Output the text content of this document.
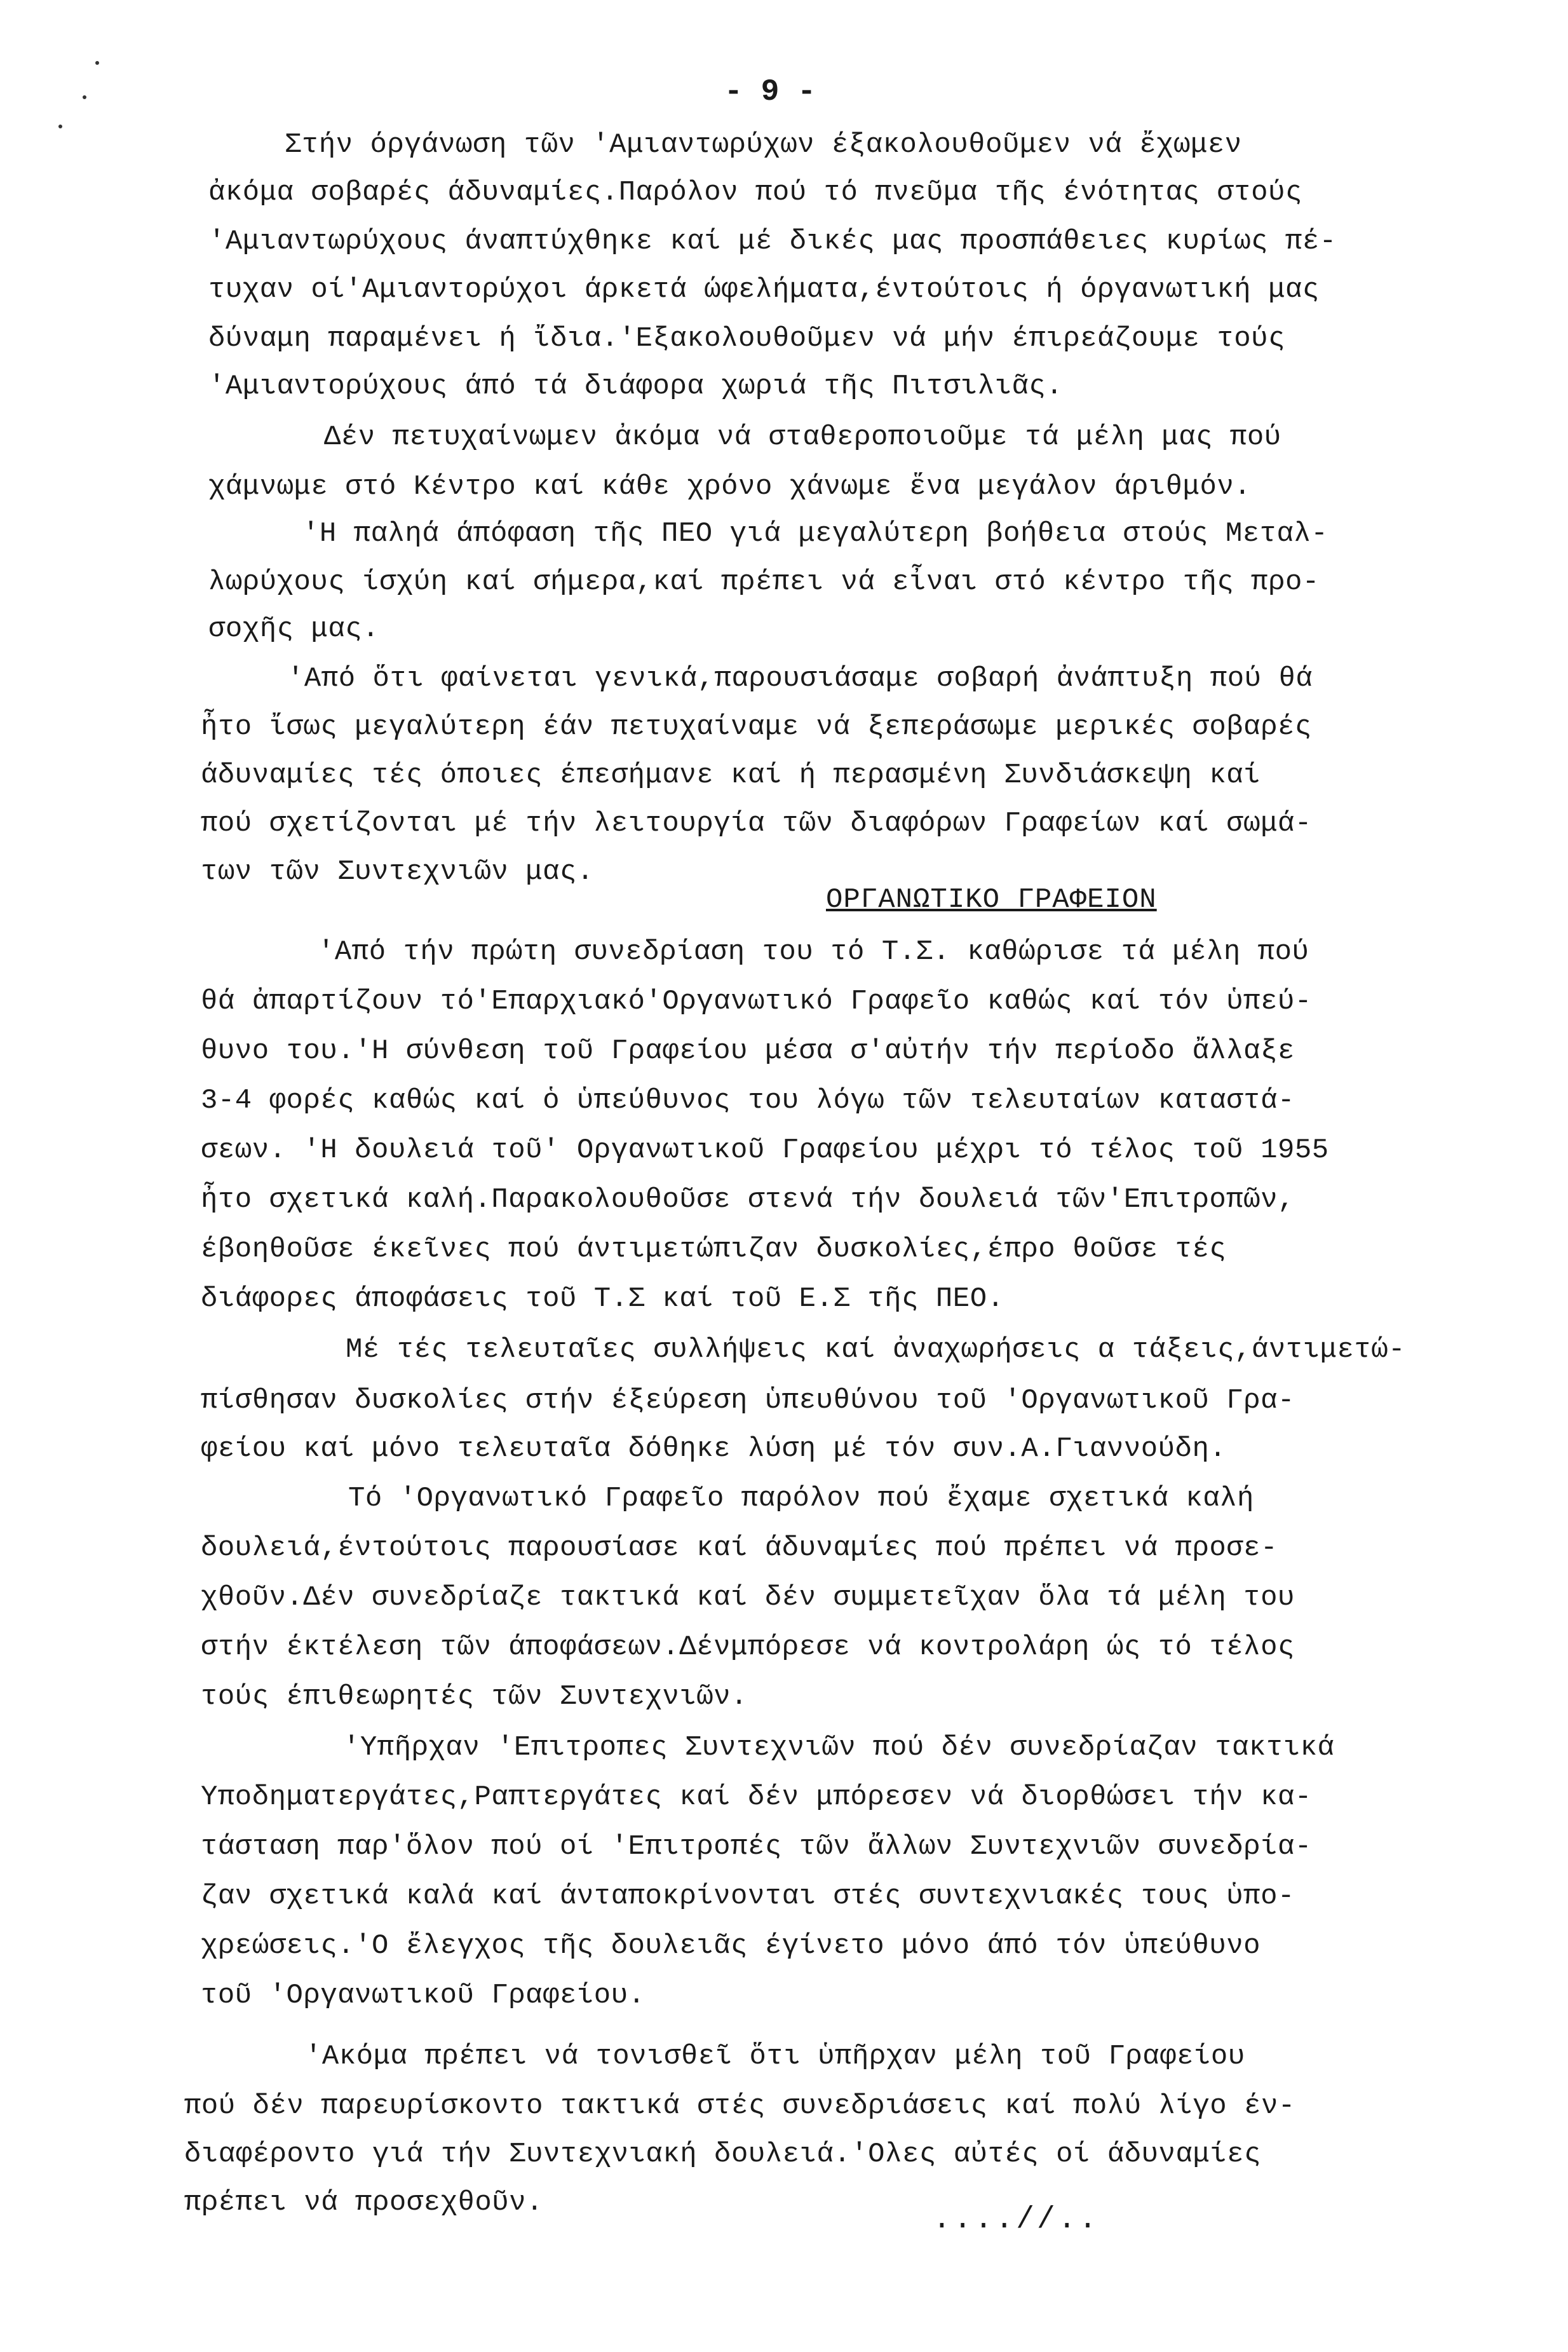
- 9 -
Στήν όργάνωση τῶν 'Αμιαντωρύχων έξακολουθοῦμεν νά ἔχωμεν
ἀκόμα σοβαρές άδυναμίες.Παρόλον πού τό πνεῦμα τῆς ένότητας στούς
'Αμιαντωρύχους άναπτύχθηκε καί μέ δικές μας προσπάθειες κυρίως πέ-
τυχαν οί'Αμιαντορύχοι άρκετά ώφελήματα,έντούτοις ή όργανωτική μας
δύναμη παραμένει ή ἴδια.'Εξακολουθοῦμεν νά μήν έπιρεάζουμε τούς
'Αμιαντορύχους άπό τά διάφορα χωριά τῆς Πιτσιλιᾶς.
Δέν πετυχαίνωμεν ἀκόμα νά σταθεροποιοῦμε τά μέλη μας πού
χάμνωμε στό Κέντρο καί κάθε χρόνο χάνωμε ἕνα μεγάλον άριθμόν.
'Η παληά άπόφαση τῆς ΠΕΟ γιά μεγαλύτερη βοήθεια στούς Μεταλ-
λωρύχους ίσχύη καί σήμερα,καί πρέπει νά εἶναι στό κέντρο τῆς προ-
σοχῆς μας.
'Από ὅτι φαίνεται γενικά,παρουσιάσαμε σοβαρή ἀνάπτυξη πού θά
ἦτο ἴσως μεγαλύτερη έάν πετυχαίναμε νά ξεπεράσωμε μερικές σοβαρές
άδυναμίες τές όποιες έπεσήμανε καί ή περασμένη Συνδιάσκεψη καί
πού σχετίζονται μέ τήν λειτουργία τῶν διαφόρων Γραφείων καί σωμά-
των τῶν Συντεχνιῶν μας.
ΟΡΓΑΝΩΤΙΚΟ ΓΡΑΦΕΙΟΝ
'Από τήν πρώτη συνεδρίαση του τό Τ.Σ. καθώρισε τά μέλη πού
θά ἀπαρτίζουν τό'Επαρχιακό'Οργανωτικό Γραφεῖο καθώς καί τόν ὑπεύ-
θυνο του.'Η σύνθεση τοῦ Γραφείου μέσα σ'αὐτήν τήν περίοδο ἄλλαξε
3-4 φορές καθώς καί ὁ ὑπεύθυνος του λόγω τῶν τελευταίων καταστά-
σεων. 'Η δουλειά τοῦ' Οργανωτικοῦ Γραφείου μέχρι τό τέλος τοῦ 1955
ἦτο σχετικά καλή.Παρακολουθοῦσε στενά τήν δουλειά τῶν'Επιτροπῶν,
έβοηθοῦσε έκεῖνες πού άντιμετώπιζαν δυσκολίες,έπρο θοῦσε τές
διάφορες άποφάσεις τοῦ Τ.Σ καί τοῦ Ε.Σ τῆς ΠΕΟ.
Μέ τές τελευταῖες συλλήψεις καί ἀναχωρήσεις α τάξεις,άντιμετώ-
πίσθησαν δυσκολίες στήν έξεύρεση ὑπευθύνου τοῦ 'Οργανωτικοῦ Γρα-
φείου καί μόνο τελευταῖα δόθηκε λύση μέ τόν συν.Α.Γιαννούδη.
Τό 'Οργανωτικό Γραφεῖο παρόλον πού ἔχαμε σχετικά καλή
δουλειά,έντούτοις παρουσίασε καί άδυναμίες πού πρέπει νά προσε-
χθοῦν.Δέν συνεδρίαζε τακτικά καί δέν συμμετεῖχαν ὅλα τά μέλη του
στήν έκτέλεση τῶν άποφάσεων.Δένμπόρεσε νά κοντρολάρη ώς τό τέλος
τούς έπιθεωρητές τῶν Συντεχνιῶν.
'Υπῆρχαν 'Επιτροπες Συντεχνιῶν πού δέν συνεδρίαζαν τακτικά
Υποδηματεργάτες,Ραπτεργάτες καί δέν μπόρεσεν νά διορθώσει τήν κα-
τάσταση παρ'ὅλον πού οί 'Επιτροπές τῶν ἄλλων Συντεχνιῶν συνεδρία-
ζαν σχετικά καλά καί άνταποκρίνονται στές συντεχνιακές τους ὑπο-
χρεώσεις.'Ο ἔλεγχος τῆς δουλειᾶς έγίνετο μόνο άπό τόν ὑπεύθυνο
τοῦ 'Οργανωτικοῦ Γραφείου.
'Ακόμα πρέπει νά τονισθεῖ ὅτι ὑπῆρχαν μέλη τοῦ Γραφείου
πού δέν παρευρίσκοντο τακτικά στές συνεδριάσεις καί πολύ λίγο έν-
διαφέροντο γιά τήν Συντεχνιακή δουλειά.'Ολες αὐτές οί άδυναμίες
πρέπει νά προσεχθοῦν.	....//..
